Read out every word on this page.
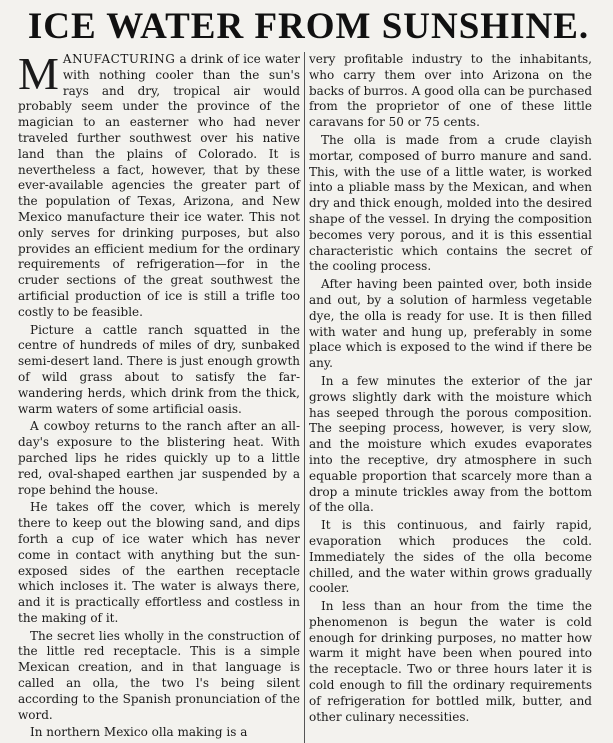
ICE WATER FROM SUNSHINE.

MANUFACTURING a drink of ice water with nothing cooler than the sun's rays and dry, tropical air would probably seem under the province of the magician to an easterner who had never traveled further southwest over his native land than the plains of Colorado. It is nevertheless a fact, however, that by these ever-available agencies the greater part of the population of Texas, Arizona, and New Mexico manufacture their ice water. This not only serves for drinking purposes, but also provides an efficient medium for the ordinary requirements of refrigeration—for in the cruder sections of the great southwest the artificial production of ice is still a trifle too costly to be feasible.

Picture a cattle ranch squatted in the centre of hundreds of miles of dry, sunbaked semi-desert land. There is just enough growth of wild grass about to satisfy the far-wandering herds, which drink from the thick, warm waters of some artificial oasis.

A cowboy returns to the ranch after an all-day's exposure to the blistering heat. With parched lips he rides quickly up to a little red, oval-shaped earthen jar suspended by a rope behind the house.

He takes off the cover, which is merely there to keep out the blowing sand, and dips forth a cup of ice water which has never come in contact with anything but the sun-exposed sides of the earthen receptacle which incloses it. The water is always there, and it is practically effortless and costless in the making of it.

The secret lies wholly in the construction of the little red receptacle. This is a simple Mexican creation, and in that language is called an olla, the two l's being silent according to the Spanish pronunciation of the word.

In northern Mexico olla making is a

very profitable industry to the inhabitants, who carry them over into Arizona on the backs of burros. A good olla can be purchased from the proprietor of one of these little caravans for 50 or 75 cents.

The olla is made from a crude clayish mortar, composed of burro manure and sand. This, with the use of a little water, is worked into a pliable mass by the Mexican, and when dry and thick enough, molded into the desired shape of the vessel. In drying the composition becomes very porous, and it is this essential characteristic which contains the secret of the cooling process.

After having been painted over, both inside and out, by a solution of harmless vegetable dye, the olla is ready for use. It is then filled with water and hung up, preferably in some place which is exposed to the wind if there be any.

In a few minutes the exterior of the jar grows slightly dark with the moisture which has seeped through the porous composition. The seeping process, however, is very slow, and the moisture which exudes evaporates into the receptive, dry atmosphere in such equable proportion that scarcely more than a drop a minute trickles away from the bottom of the olla.

It is this continuous, and fairly rapid, evaporation which produces the cold. Immediately the sides of the olla become chilled, and the water within grows gradually cooler.

In less than an hour from the time the phenomenon is begun the water is cold enough for drinking purposes, no matter how warm it might have been when poured into the receptacle. Two or three hours later it is cold enough to fill the ordinary requirements of refrigeration for bottled milk, butter, and other culinary necessities.
